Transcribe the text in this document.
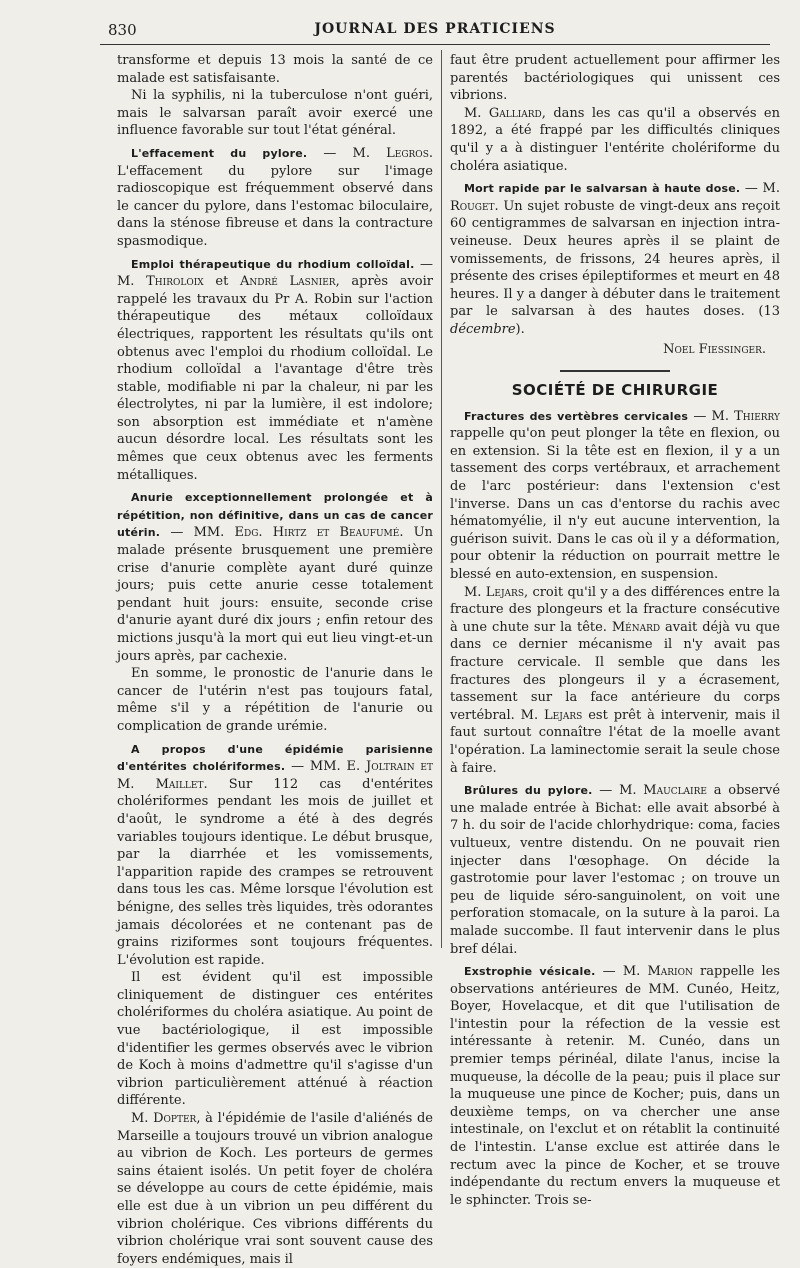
830	JOURNAL DES PRATICIENS

transforme et depuis 13 mois la santé de ce malade est satisfaisante.

Ni la syphilis, ni la tuberculose n'ont guéri, mais le salvarsan paraît avoir exercé une influence favorable sur tout l'état général.

L'effacement du pylore. — M. Legros. L'effacement du pylore sur l'image radioscopique est fréquemment observé dans le cancer du pylore, dans l'estomac biloculaire, dans la sténose fibreuse et dans la contracture spasmodique.

Emploi thérapeutique du rhodium colloïdal. — M. Thiroloix et André Lasnier, après avoir rappelé les travaux du Pr A. Robin sur l'action thérapeutique des métaux colloïdaux électriques, rapportent les résultats qu'ils ont obtenus avec l'emploi du rhodium colloïdal. Le rhodium colloïdal a l'avantage d'être très stable, modifiable ni par la chaleur, ni par les électrolytes, ni par la lumière, il est indolore; son absorption est immédiate et n'amène aucun désordre local. Les résultats sont les mêmes que ceux obtenus avec les ferments métalliques.

Anurie exceptionnellement prolongée et à répétition, non définitive, dans un cas de cancer utérin. — MM. Edg. Hirtz et Beaufumé. Un malade présente brusquement une première crise d'anurie complète ayant duré quinze jours; puis cette anurie cesse totalement pendant huit jours: ensuite, seconde crise d'anurie ayant duré dix jours ; enfin retour des mictions jusqu'à la mort qui eut lieu vingt-et-un jours après, par cachexie.

En somme, le pronostic de l'anurie dans le cancer de l'utérin n'est pas toujours fatal, même s'il y a répétition de l'anurie ou complication de grande urémie.

A propos d'une épidémie parisienne d'entérites cholériformes. — MM. E. Joltrain et M. Maillet. Sur 112 cas d'entérites cholériformes pendant les mois de juillet et d'août, le syndrome a été à des degrés variables toujours identique. Le début brusque, par la diarrhée et les vomissements, l'apparition rapide des crampes se retrouvent dans tous les cas. Même lorsque l'évolution est bénigne, des selles très liquides, très odorantes jamais décolorées et ne contenant pas de grains riziformes sont toujours fréquentes. L'évolution est rapide.

Il est évident qu'il est impossible cliniquement de distinguer ces entérites cholériformes du choléra asiatique. Au point de vue bactériologique, il est impossible d'identifier les germes observés avec le vibrion de Koch à moins d'admettre qu'il s'agisse d'un vibrion particulièrement atténué à réaction différente.

M. Dopter, à l'épidémie de l'asile d'aliénés de Marseille a toujours trouvé un vibrion analogue au vibrion de Koch. Les porteurs de germes sains étaient isolés. Un petit foyer de choléra se développe au cours de cette épidémie, mais elle est due à un vibrion un peu différent du vibrion cholérique. Ces vibrions différents du vibrion cholérique vrai sont souvent cause des foyers endémiques, mais il

faut être prudent actuellement pour affirmer les parentés bactériologiques qui unissent ces vibrions.

M. Galliard, dans les cas qu'il a observés en 1892, a été frappé par les difficultés cliniques qu'il y a à distinguer l'entérite cholériforme du choléra asiatique.

Mort rapide par le salvarsan à haute dose. — M. Rouget. Un sujet robuste de vingt-deux ans reçoit 60 centigrammes de salvarsan en injection intra-veineuse. Deux heures après il se plaint de vomissements, de frissons, 24 heures après, il présente des crises épileptiformes et meurt en 48 heures. Il y a danger à débuter dans le traitement par le salvarsan à des hautes doses. (13 décembre).

Noel Fiessinger.

SOCIÉTÉ DE CHIRURGIE

Fractures des vertèbres cervicales — M. Thierry rappelle qu'on peut plonger la tête en flexion, ou en extension. Si la tête est en flexion, il y a un tassement des corps vertébraux, et arrachement de l'arc postérieur: dans l'extension c'est l'inverse. Dans un cas d'entorse du rachis avec hématomyélie, il n'y eut aucune intervention, la guérison suivit. Dans le cas où il y a déformation, pour obtenir la réduction on pourrait mettre le blessé en auto-extension, en suspension.

M. Lejars, croit qu'il y a des différences entre la fracture des plongeurs et la fracture consécutive à une chute sur la tête. Ménard avait déjà vu que dans ce dernier mécanisme il n'y avait pas fracture cervicale. Il semble que dans les fractures des plongeurs il y a écrasement, tassement sur la face antérieure du corps vertébral. M. Lejars est prêt à intervenir, mais il faut surtout connaître l'état de la moelle avant l'opération. La laminectomie serait la seule chose à faire.

Brûlures du pylore. — M. Mauclaire a observé une malade entrée à Bichat: elle avait absorbé à 7 h. du soir de l'acide chlorhydrique: coma, facies vultueux, ventre distendu. On ne pouvait rien injecter dans l'œsophage. On décide la gastrotomie pour laver l'estomac ; on trouve un peu de liquide séro-sanguinolent, on voit une perforation stomacale, on la suture à la paroi. La malade succombe. Il faut intervenir dans le plus bref délai.

Exstrophie vésicale. — M. Marion rappelle les observations antérieures de MM. Cunéo, Heitz, Boyer, Hovelacque, et dit que l'utilisation de l'intestin pour la réfection de la vessie est intéressante à retenir. M. Cunéo, dans un premier temps périnéal, dilate l'anus, incise la muqueuse, la décolle de la peau; puis il place sur la muqueuse une pince de Kocher; puis, dans un deuxième temps, on va chercher une anse intestinale, on l'exclut et on rétablit la continuité de l'intestin. L'anse exclue est attirée dans le rectum avec la pince de Kocher, et se trouve indépendante du rectum envers la muqueuse et le sphincter. Trois se-
